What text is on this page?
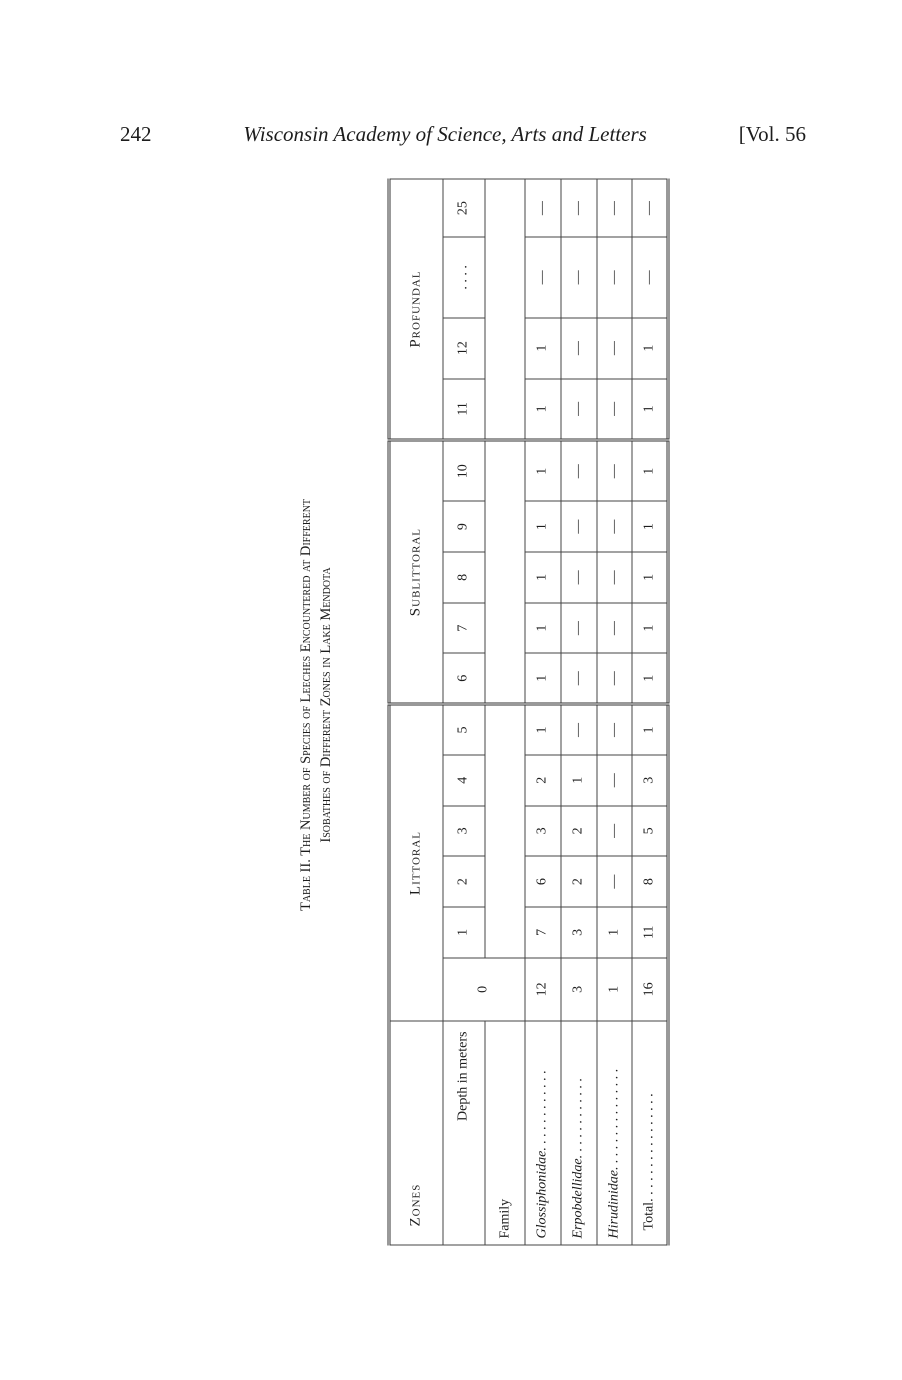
242	Wisconsin Academy of Science, Arts and Letters	[Vol. 56
Table II. The Number of Species of Leeches Encountered at Different Isobathes of Different Zones in Lake Mendota
Zones	Littoral						Sublittoral					Profundal			
Depth in meters	0	1	2	3	4	5	6	7	8	9	10	11	12	. . . .	25
Family															
Glossiphonidae. . . . . . . . . . . .	12	7	6	3	2	1	1	1	1	1	1	1	1	—	—
Erpobdellidae. . . . . . . . . . . .	3	3	2	2	1	—	—	—	—	—	—	—	—	—	—
Hirudinidae. . . . . . . . . . . . . . .	1	1	—	—	—	—	—	—	—	—	—	—	—	—	—
Total. . . . . . . . . . . . . . . .	16	11	8	5	3	1	1	1	1	1	1	1	1	—	—
